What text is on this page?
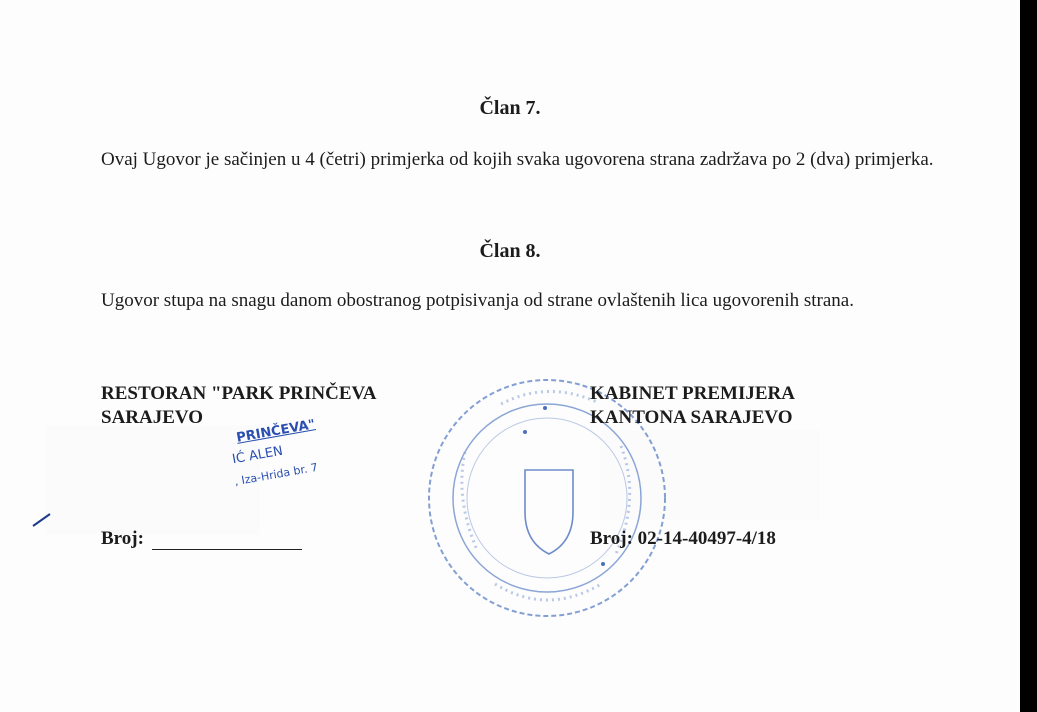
Član 7.
Ovaj Ugovor je sačinjen u 4 (četri) primjerka od kojih svaka ugovorena strana zadržava po 2 (dva) primjerka.
Član 8.
Ugovor stupa na snagu danom obostranog potpisivanja od strane ovlaštenih lica ugovorenih strana.
RESTORAN "PARK PRINČEVA
SARAJEVO	PRINČEVA"
IĆ ALEN
, Iza-Hrida br. 7
Broj:
KABINET PREMIJERA
KANTONA SARAJEVO
Broj: 02-14-40497-4/18
